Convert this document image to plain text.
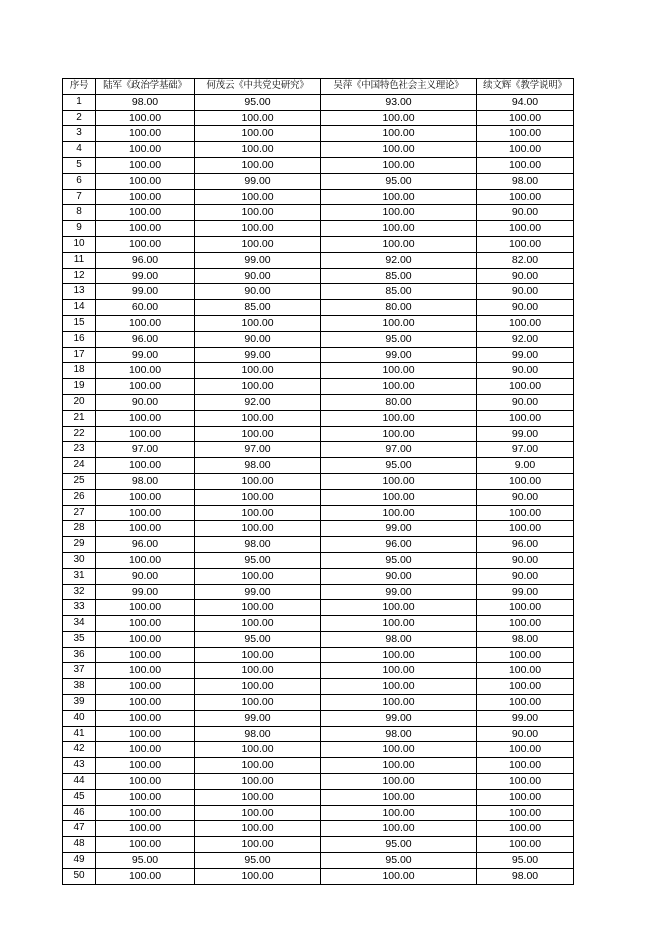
序号	陆军《政治学基础》	何茂云《中共党史研究》	吴萍《中国特色社会主义理论》	续文辉《教学说明》
1	98.00	95.00	93.00	94.00
2	100.00	100.00	100.00	100.00
3	100.00	100.00	100.00	100.00
4	100.00	100.00	100.00	100.00
5	100.00	100.00	100.00	100.00
6	100.00	99.00	95.00	98.00
7	100.00	100.00	100.00	100.00
8	100.00	100.00	100.00	90.00
9	100.00	100.00	100.00	100.00
10	100.00	100.00	100.00	100.00
11	96.00	99.00	92.00	82.00
12	99.00	90.00	85.00	90.00
13	99.00	90.00	85.00	90.00
14	60.00	85.00	80.00	90.00
15	100.00	100.00	100.00	100.00
16	96.00	90.00	95.00	92.00
17	99.00	99.00	99.00	99.00
18	100.00	100.00	100.00	90.00
19	100.00	100.00	100.00	100.00
20	90.00	92.00	80.00	90.00
21	100.00	100.00	100.00	100.00
22	100.00	100.00	100.00	99.00
23	97.00	97.00	97.00	97.00
24	100.00	98.00	95.00	9.00
25	98.00	100.00	100.00	100.00
26	100.00	100.00	100.00	90.00
27	100.00	100.00	100.00	100.00
28	100.00	100.00	99.00	100.00
29	96.00	98.00	96.00	96.00
30	100.00	95.00	95.00	90.00
31	90.00	100.00	90.00	90.00
32	99.00	99.00	99.00	99.00
33	100.00	100.00	100.00	100.00
34	100.00	100.00	100.00	100.00
35	100.00	95.00	98.00	98.00
36	100.00	100.00	100.00	100.00
37	100.00	100.00	100.00	100.00
38	100.00	100.00	100.00	100.00
39	100.00	100.00	100.00	100.00
40	100.00	99.00	99.00	99.00
41	100.00	98.00	98.00	90.00
42	100.00	100.00	100.00	100.00
43	100.00	100.00	100.00	100.00
44	100.00	100.00	100.00	100.00
45	100.00	100.00	100.00	100.00
46	100.00	100.00	100.00	100.00
47	100.00	100.00	100.00	100.00
48	100.00	100.00	95.00	100.00
49	95.00	95.00	95.00	95.00
50	100.00	100.00	100.00	98.00
